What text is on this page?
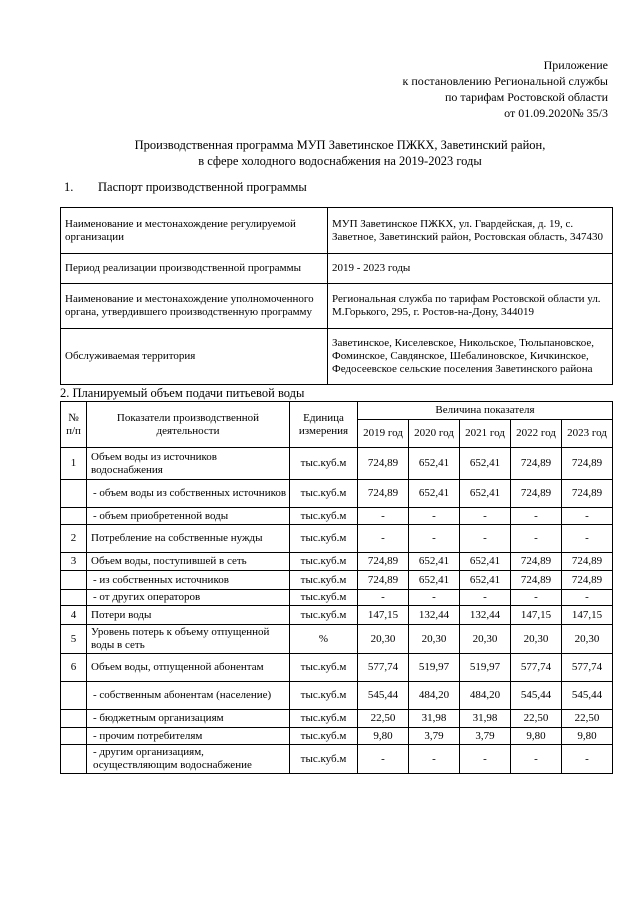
Приложение
к постановлению Региональной службы
по тарифам Ростовской области
от 01.09.2020№ 35/3
Производственная программа МУП Заветинское ПЖКХ, Заветинский район,
в сфере холодного водоснабжения на 2019-2023 годы
1. Паспорт производственной программы
Наименование и местонахождение регулируемой организации	МУП Заветинское ПЖКХ, ул. Гвардейская, д. 19, с. Заветное, Заветинский район, Ростовская область, 347430
Период реализации производственной программы	2019 - 2023 годы
Наименование и местонахождение уполномоченного органа, утвердившего производственную программу	Региональная служба по тарифам Ростовской области ул. М.Горького, 295, г. Ростов-на-Дону, 344019
Обслуживаемая территория	Заветинское, Киселевское, Никольское, Тюльпановское, Фоминское, Савдянское, Шебалиновское, Кичкинское, Федосеевское сельские поселения Заветинского района
2. Планируемый объем подачи питьевой воды
№ п/п	Показатели производственной деятельности	Единица измерения	Величина показателя				
			2019 год	2020 год	2021 год	2022 год	2023 год
1	Объем воды из источников водоснабжения	тыс.куб.м	724,89	652,41	652,41	724,89	724,89
	- объем воды из собственных источников	тыс.куб.м	724,89	652,41	652,41	724,89	724,89
	- объем приобретенной воды	тыс.куб.м	-	-	-	-	-
2	Потребление на собственные нужды	тыс.куб.м	-	-	-	-	-
3	Объем воды, поступившей в сеть	тыс.куб.м	724,89	652,41	652,41	724,89	724,89
	- из собственных источников	тыс.куб.м	724,89	652,41	652,41	724,89	724,89
	- от других операторов	тыс.куб.м	-	-	-	-	-
4	Потери воды	тыс.куб.м	147,15	132,44	132,44	147,15	147,15
5	Уровень потерь к объему отпущенной воды в сеть	%	20,30	20,30	20,30	20,30	20,30
6	Объем воды, отпущенной абонентам	тыс.куб.м	577,74	519,97	519,97	577,74	577,74
	- собственным абонентам (население)	тыс.куб.м	545,44	484,20	484,20	545,44	545,44
	- бюджетным организациям	тыс.куб.м	22,50	31,98	31,98	22,50	22,50
	- прочим потребителям	тыс.куб.м	9,80	3,79	3,79	9,80	9,80
	- другим организациям, осуществляющим водоснабжение	тыс.куб.м	-	-	-	-	-
